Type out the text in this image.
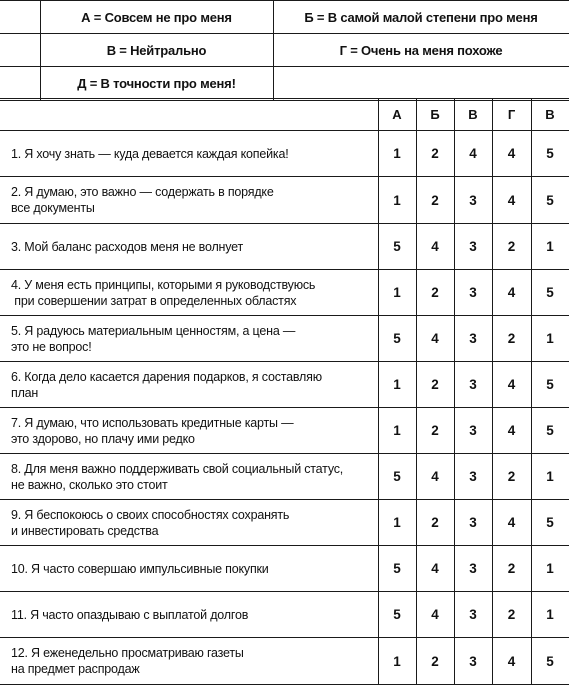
	А = Совсем не про меня	Б = В самой малой степени про меня
	В = Нейтрально	Г = Очень на меня похоже
	Д = В точности про меня!	
	А	Б	В	Г	В

1. Я хочу знать — куда девается каждая копейка!	1	2	4	4	5

2. Я думаю, это важно — содержать в порядке
все документы	1	2	3	4	5

3. Мой баланс расходов меня не волнует	5	4	3	2	1

4. У меня есть принципы, которыми я руководствуюсь
при совершении затрат в определенных областях	1	2	3	4	5

5. Я радуюсь материальным ценностям, а цена —
это не вопрос!	5	4	3	2	1

6. Когда дело касается дарения подарков, я составляю
план	1	2	3	4	5

7. Я думаю, что использовать кредитные карты —
это здорово, но плачу ими редко	1	2	3	4	5

8. Для меня важно поддерживать свой социальный статус,
не важно, сколько это стоит	5	4	3	2	1

9. Я беспокоюсь о своих способностях сохранять
и инвестировать средства	1	2	3	4	5

10. Я часто совершаю импульсивные покупки	5	4	3	2	1

11. Я часто опаздываю с выплатой долгов	5	4	3	2	1

12. Я еженедельно просматриваю газеты
на предмет распродаж	1	2	3	4	5
